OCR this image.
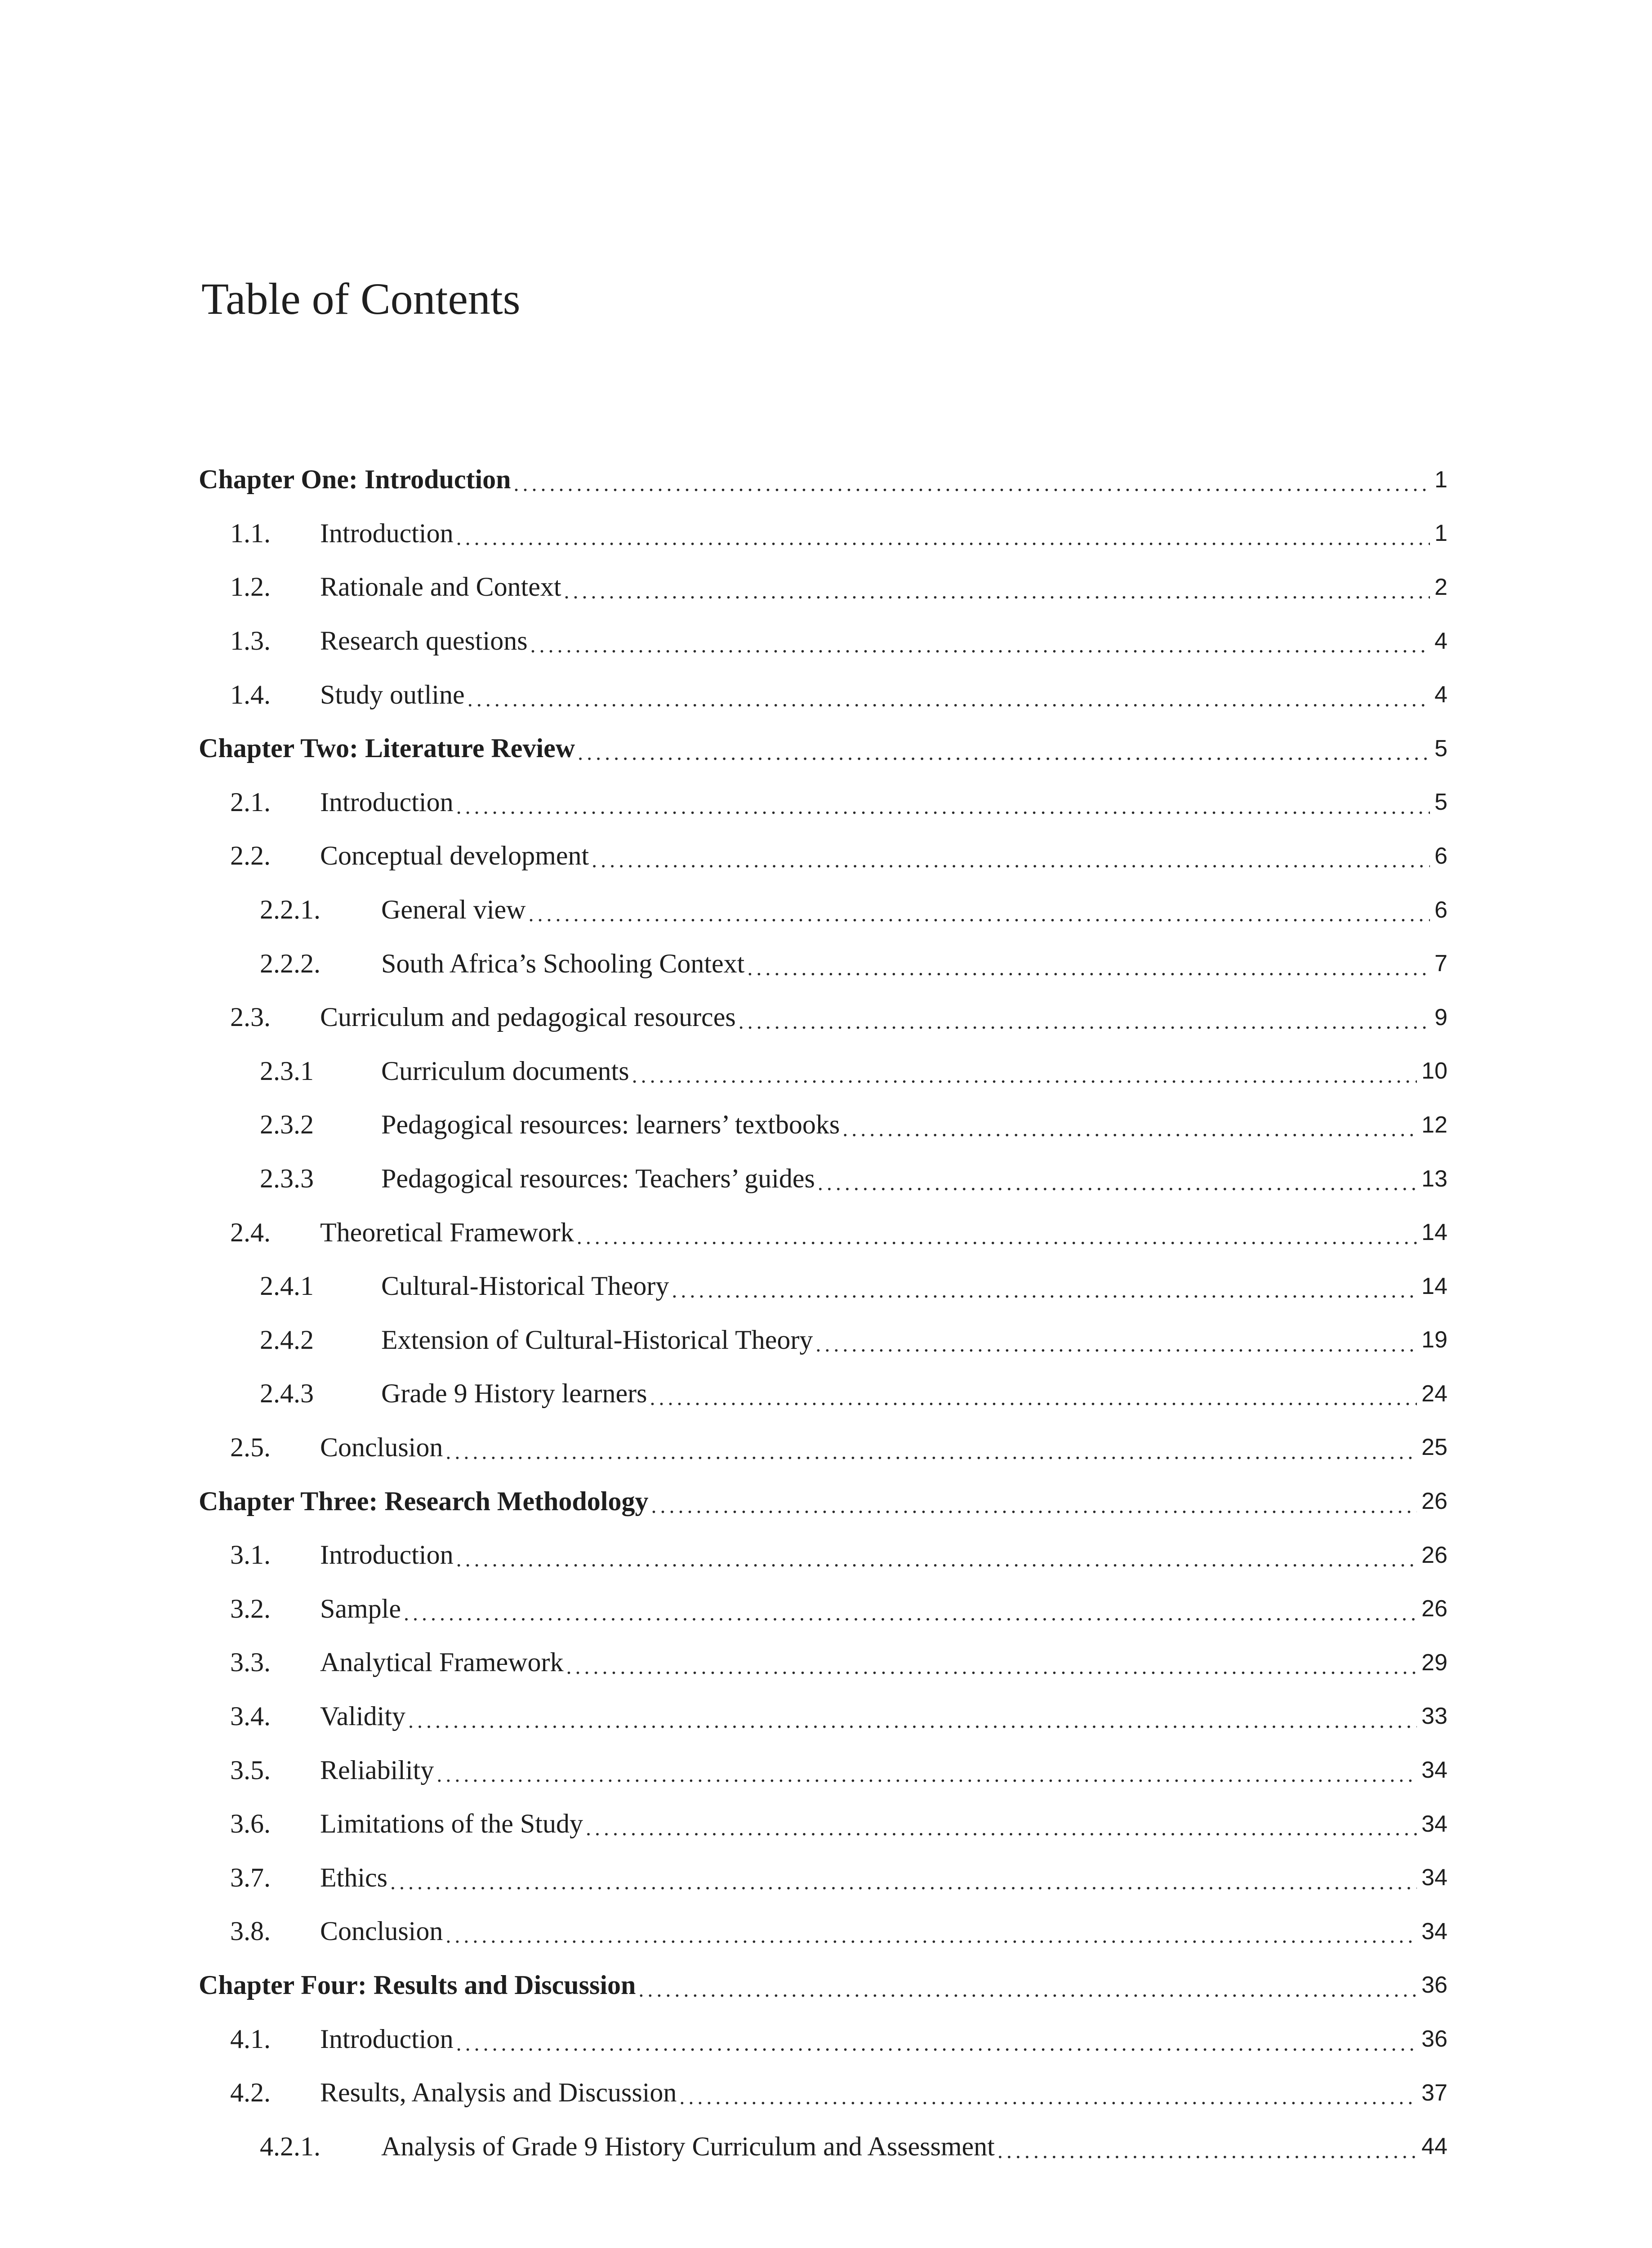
Table of Contents
Chapter One: Introduction .....	1
1.1.	Introduction .....	1
1.2.	Rationale and Context .....	2
1.3.	Research questions .....	4
1.4.	Study outline .....	4
Chapter Two: Literature Review .....	5
2.1.	Introduction .....	5
2.2.	Conceptual development .....	6
2.2.1.	General view .....	6
2.2.2.	South Africa’s Schooling Context .....	7
2.3.	Curriculum and pedagogical resources .....	9
2.3.1	Curriculum documents .....	10
2.3.2	Pedagogical resources: learners’ textbooks .....	12
2.3.3	Pedagogical resources: Teachers’ guides .....	13
2.4.	Theoretical Framework .....	14
2.4.1	Cultural-Historical Theory .....	14
2.4.2	Extension of Cultural-Historical Theory .....	19
2.4.3	Grade 9 History learners .....	24
2.5.	Conclusion .....	25
Chapter Three: Research Methodology .....	26
3.1.	Introduction .....	26
3.2.	Sample .....	26
3.3.	Analytical Framework .....	29
3.4.	Validity .....	33
3.5.	Reliability .....	34
3.6.	Limitations of the Study .....	34
3.7.	Ethics .....	34
3.8.	Conclusion .....	34
Chapter Four: Results and Discussion .....	36
4.1.	Introduction .....	36
4.2.	Results, Analysis and Discussion .....	37
4.2.1.	Analysis of Grade 9 History Curriculum and Assessment .....	44
